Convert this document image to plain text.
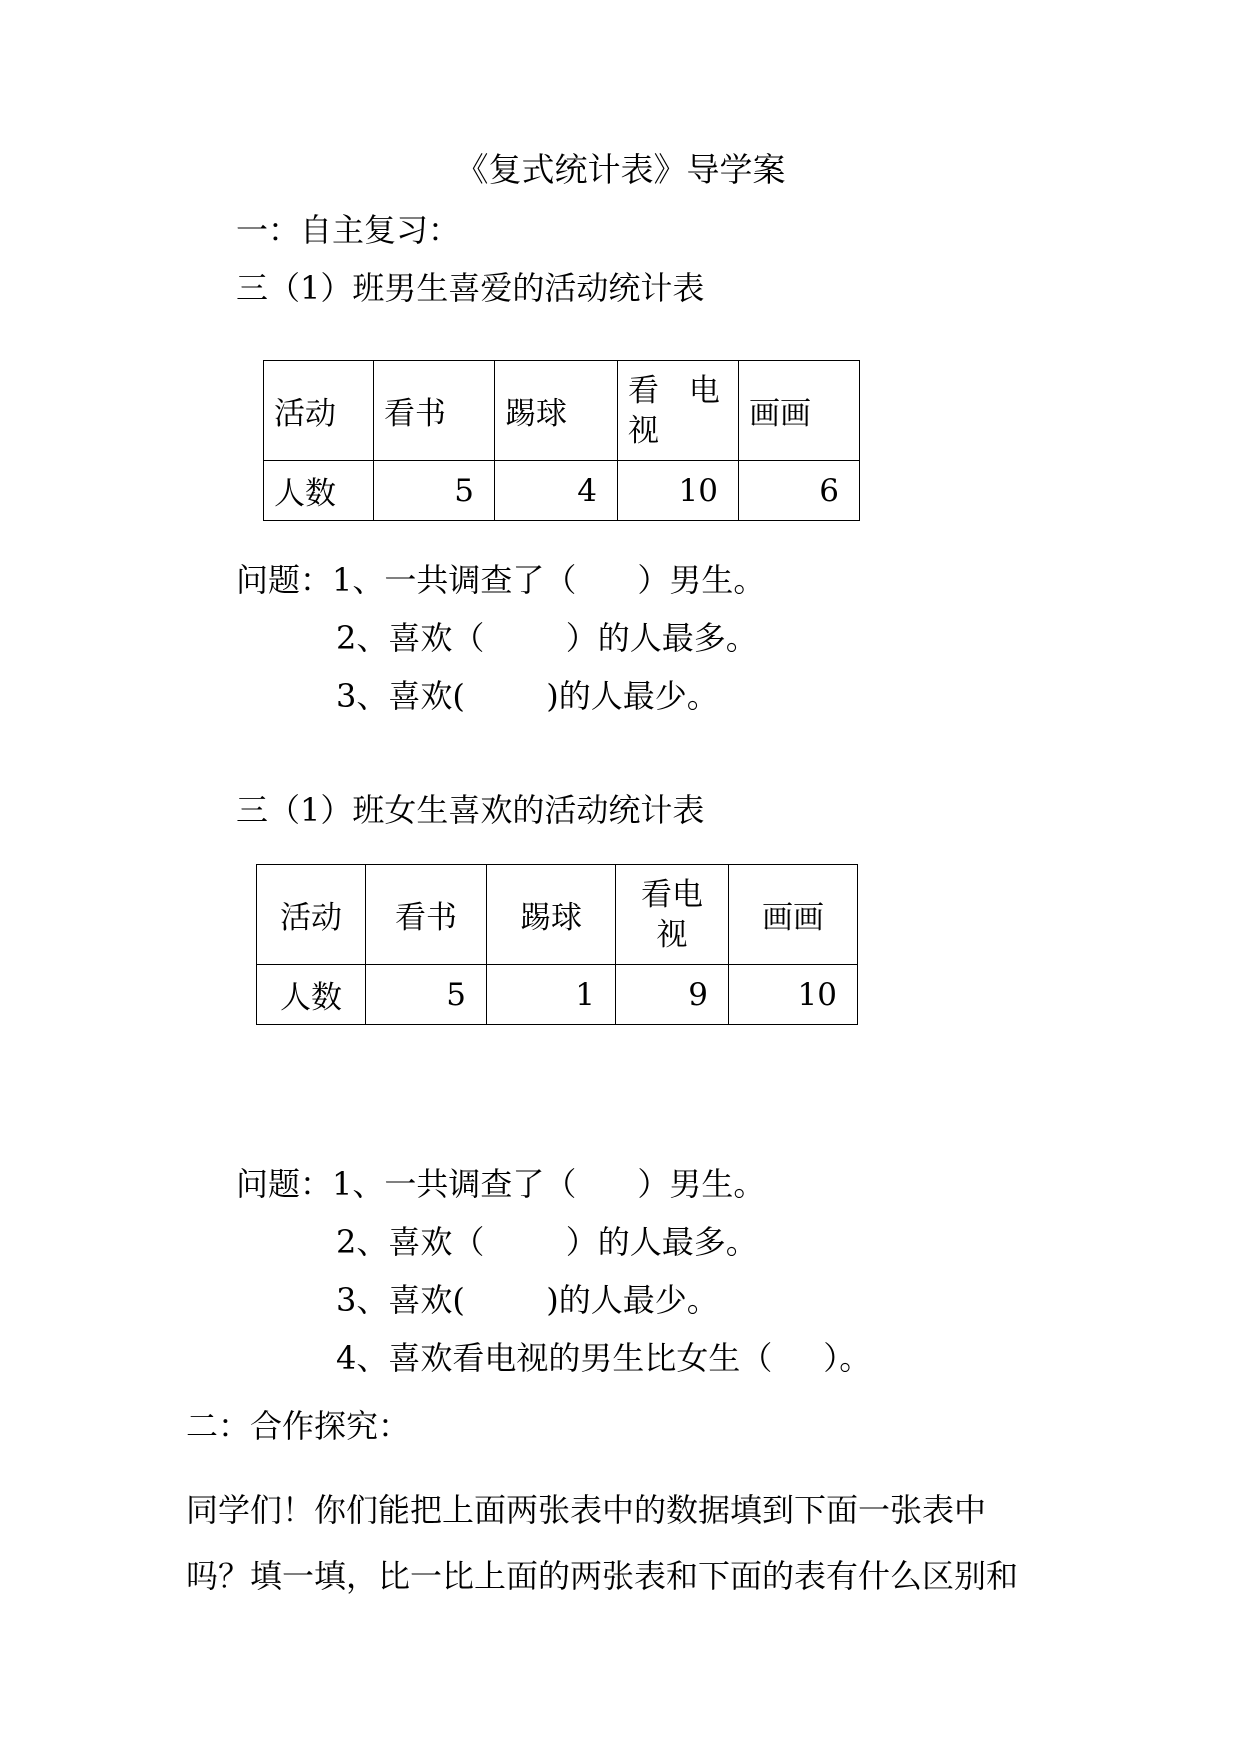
《复式统计表》导学案
一：自主复习：
三（1）班男生喜爱的活动统计表
活动	看书	踢球	看 电视	画画
人数	5	4	10	6
问题：1、一共调查了（      ）男生。
2、喜欢（        ）的人最多。
3、喜欢(        )的人最少。
三（1）班女生喜欢的活动统计表
活动	看书	踢球	看电视	画画
人数	5	1	9	10
问题：1、一共调查了（      ）男生。
2、喜欢（        ）的人最多。
3、喜欢(        )的人最少。
4、喜欢看电视的男生比女生（     ）。
二：合作探究：
同学们！你们能把上面两张表中的数据填到下面一张表中
吗？填一填，比一比上面的两张表和下面的表有什么区别和
